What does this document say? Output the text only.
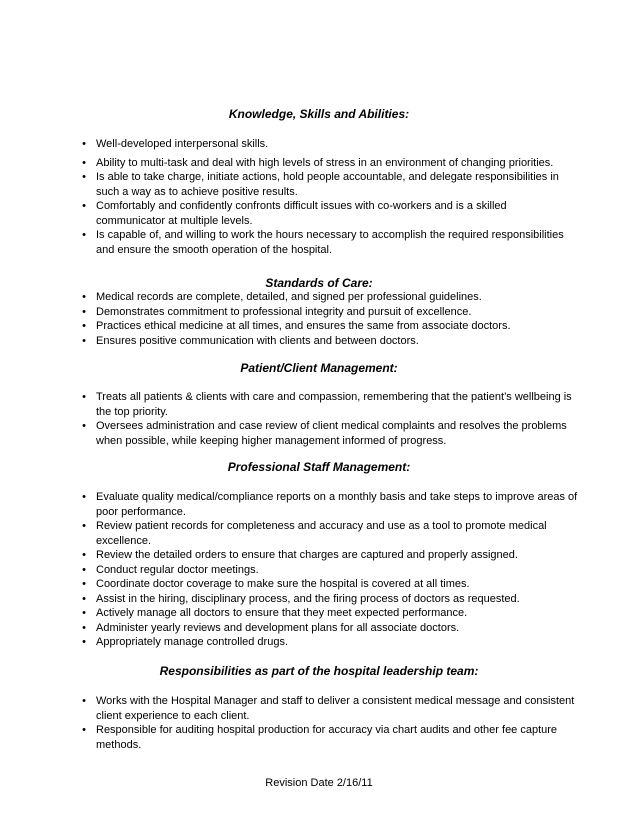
Knowledge, Skills and Abilities:
• Well-developed interpersonal skills.
• Ability to multi-task and deal with high levels of stress in an environment of changing priorities.
• Is able to take charge, initiate actions, hold people accountable, and delegate responsibilities in such a way as to achieve positive results.
• Comfortably and confidently confronts difficult issues with co-workers and is a skilled communicator at multiple levels.
• Is capable of, and willing to work the hours necessary to accomplish the required responsibilities and ensure the smooth operation of the hospital.
Standards of Care:
• Medical records are complete, detailed, and signed per professional guidelines.
• Demonstrates commitment to professional integrity and pursuit of excellence.
• Practices ethical medicine at all times, and ensures the same from associate doctors.
• Ensures positive communication with clients and between doctors.
Patient/Client Management:
• Treats all patients & clients with care and compassion, remembering that the patient’s wellbeing is the top priority.
• Oversees administration and case review of client medical complaints and resolves the problems when possible, while keeping higher management informed of progress.
Professional Staff Management:
• Evaluate quality medical/compliance reports on a monthly basis and take steps to improve areas of poor performance.
• Review patient records for completeness and accuracy and use as a tool to promote medical excellence.
• Review the detailed orders to ensure that charges are captured and properly assigned.
• Conduct regular doctor meetings.
• Coordinate doctor coverage to make sure the hospital is covered at all times.
• Assist in the hiring, disciplinary process, and the firing process of doctors as requested.
• Actively manage all doctors to ensure that they meet expected performance.
• Administer yearly reviews and development plans for all associate doctors.
• Appropriately manage controlled drugs.
Responsibilities as part of the hospital leadership team:
• Works with the Hospital Manager and staff to deliver a consistent medical message and consistent client experience to each client.
• Responsible for auditing hospital production for accuracy via chart audits and other fee capture methods.

Revision Date 2/16/11
